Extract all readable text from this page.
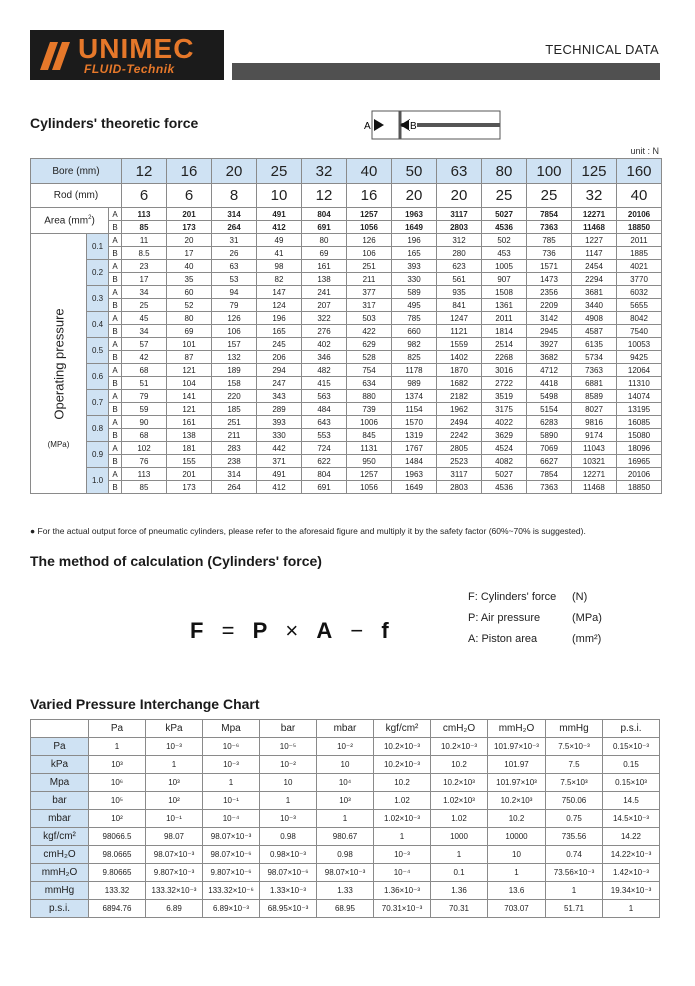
UNIMEC
FLUID-Technik
TECHNICAL DATA
Cylinders' theoretic force	A	B
unit : N
Bore (mm)			12	16	20	25	32	40	50	63	80	100	125	160
Rod (mm)			6	6	8	10	12	16	20	20	25	25	32	40
Area $(mm^2)$		A	113	201	314	491	804	1257	1963	3117	5027	7854	12271	20106
		B	85	173	264	412	691	1056	1649	2803	4536	7363	11468	18850

Operating pressure
(MPa)	0.1	A	11	20	31	49	80	126	196	312	502	785	1227	2011
		B	8.5	17	26	41	69	106	165	280	453	736	1147	1885
	0.2	A	23	40	63	98	161	251	393	623	1005	1571	2454	4021
		B	17	35	53	82	138	211	330	561	907	1473	2294	3770
	0.3	A	34	60	94	147	241	377	589	935	1508	2356	3681	6032
		B	25	52	79	124	207	317	495	841	1361	2209	3440	5655
	0.4	A	45	80	126	196	322	503	785	1247	2011	3142	4908	8042
		B	34	69	106	165	276	422	660	1121	1814	2945	4587	7540
	0.5	A	57	101	157	245	402	629	982	1559	2514	3927	6135	10053
		B	42	87	132	206	346	528	825	1402	2268	3682	5734	9425
	0.6	A	68	121	189	294	482	754	1178	1870	3016	4712	7363	12064
		B	51	104	158	247	415	634	989	1682	2722	4418	6881	11310
	0.7	A	79	141	220	343	563	880	1374	2182	3519	5498	8589	14074
		B	59	121	185	289	484	739	1154	1962	3175	5154	8027	13195
	0.8	A	90	161	251	393	643	1006	1570	2494	4022	6283	9816	16085
		B	68	138	211	330	553	845	1319	2242	3629	5890	9174	15080
	0.9	A	102	181	283	442	724	1131	1767	2805	4524	7069	11043	18096
		B	76	155	238	371	622	950	1484	2523	4082	6627	10321	16965
	1.0	A	113	201	314	491	804	1257	1963	3117	5027	7854	12271	20106
		B	85	173	264	412	691	1056	1649	2803	4536	7363	11468	18850
● For the actual output force of pneumatic cylinders, please refer to the aforesaid figure and multiply it by the safety factor (60%~70% is suggested).
The method of calculation (Cylinders' force)
F = P × A − f
F: Cylinders' force (N)
P: Air pressure	(MPa)
A: Piston area	(mm²)
Varied Pressure Interchange Chart
	Pa	kPa	Mpa	bar	mbar	kgf/cm²	cmH₂O	mmH₂O	mmHg	p.s.i.
Pa	1	10⁻³	10⁻⁶	10⁻⁵	10⁻²	10.2×10⁻³	10.2×10⁻³	101.97×10⁻³	7.5×10⁻³	0.15×10⁻³
kPa	10³	1	10⁻³	10⁻²	10	10.2×10⁻³	10.2	101.97	7.5	0.15
Mpa	10⁶	10³	1	10	10⁴	10.2	10.2×10³	101.97×10³	7.5×10³	0.15×10³
bar	10⁵	10²	10⁻¹	1	10³	1.02	1.02×10³	10.2×10³	750.06	14.5
mbar	10²	10⁻¹	10⁻⁴	10⁻³	1	1.02×10⁻³	1.02	10.2	0.75	14.5×10⁻³
kgf/cm²	98066.5	98.07	98.07×10⁻³	0.98	980.67	1	1000	10000	735.56	14.22
cmH₂O	98.0665	98.07×10⁻³	98.07×10⁻⁶	0.98×10⁻³	0.98	10⁻³	1	10	0.74	14.22×10⁻³
mmH₂O	9.80665	9.807×10⁻³	9.807×10⁻⁶	98.07×10⁻⁶	98.07×10⁻³	10⁻⁴	0.1	1	73.56×10⁻³	1.42×10⁻³
mmHg	133.32	133.32×10⁻³	133.32×10⁻⁶	1.33×10⁻³	1.33	1.36×10⁻³	1.36	13.6	1	19.34×10⁻³
p.s.i.	6894.76	6.89	6.89×10⁻³	68.95×10⁻³	68.95	70.31×10⁻³	70.31	703.07	51.71	1
